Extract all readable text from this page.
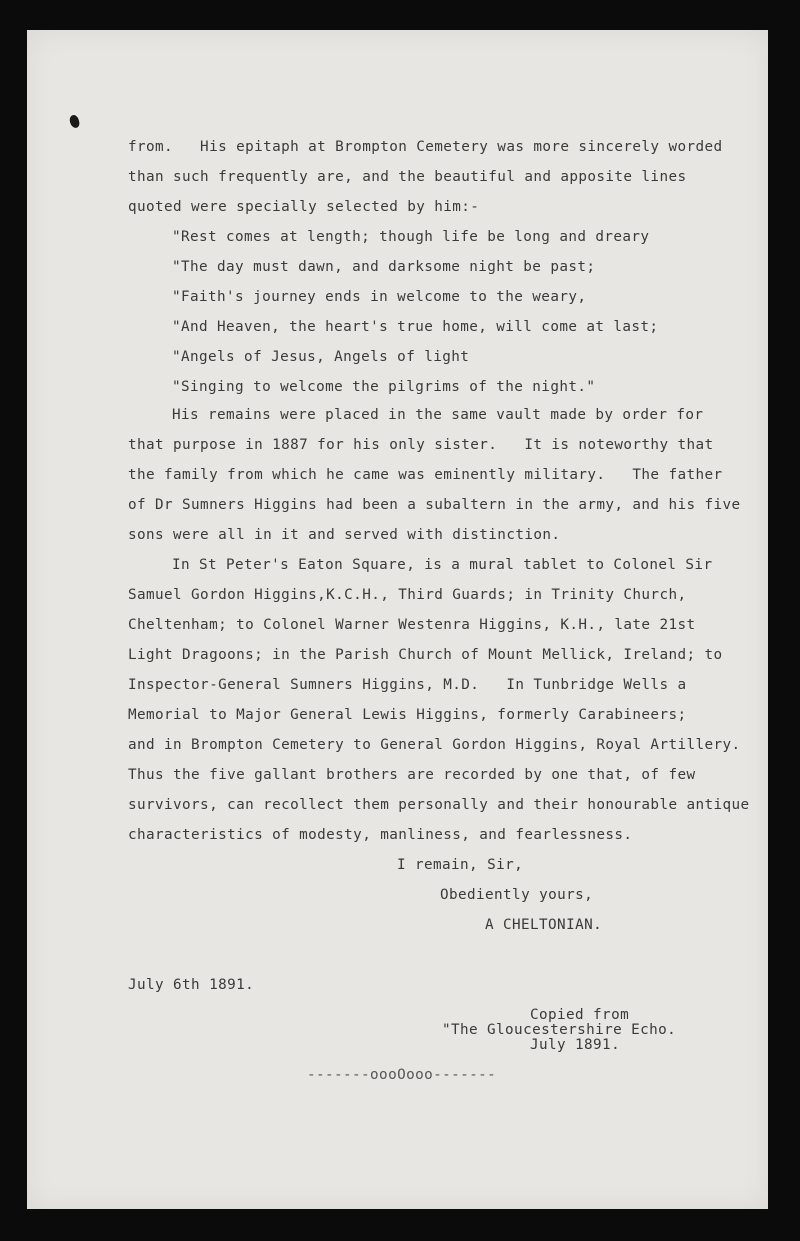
from.   His epitaph at Brompton Cemetery was more sincerely worded
than such frequently are, and the beautiful and apposite lines
quoted were specially selected by him:-
"Rest comes at length; though life be long and dreary
"The day must dawn, and darksome night be past;
"Faith's journey ends in welcome to the weary,
"And Heaven, the heart's true home, will come at last;
"Angels of Jesus, Angels of light
"Singing to welcome the pilgrims of the night."
His remains were placed in the same vault made by order for
that purpose in 1887 for his only sister.   It is noteworthy that
the family from which he came was eminently military.   The father
of Dr Sumners Higgins had been a subaltern in the army, and his five
sons were all in it and served with distinction.
In St Peter's Eaton Square, is a mural tablet to Colonel Sir
Samuel Gordon Higgins,K.C.H., Third Guards; in Trinity Church,
Cheltenham; to Colonel Warner Westenra Higgins, K.H., late 21st
Light Dragoons; in the Parish Church of Mount Mellick, Ireland; to
Inspector-General Sumners Higgins, M.D.   In Tunbridge Wells a
Memorial to Major General Lewis Higgins, formerly Carabineers;
and in Brompton Cemetery to General Gordon Higgins, Royal Artillery.
Thus the five gallant brothers are recorded by one that, of few
survivors, can recollect them personally and their honourable antique
characteristics of modesty, manliness, and fearlessness.
I remain, Sir,
Obediently yours,
A CHELTONIAN.
July 6th 1891.
Copied from
"The Gloucestershire Echo.
July 1891.
-------oooOooo-------
